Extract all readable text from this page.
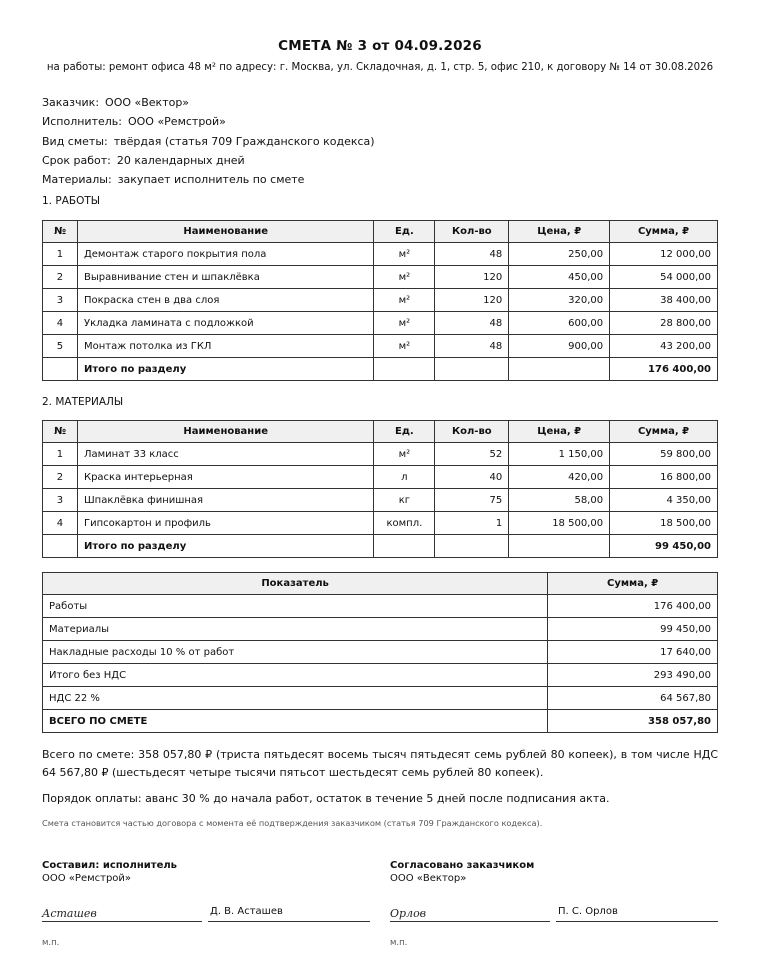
СМЕТА № 3 от 04.09.2026
на работы: ремонт офиса 48 м² по адресу: г. Москва, ул. Складочная, д. 1, стр. 5, офис 210, к договору № 14 от 30.08.2026
Заказчик: ООО «Вектор»
Исполнитель: ООО «Ремстрой»
Вид сметы: твёрдая (статья 709 Гражданского кодекса)
Срок работ: 20 календарных дней
Материалы: закупает исполнитель по смете
1. РАБОТЫ
№	Наименование	Ед.	Кол-во	Цена, ₽	Сумма, ₽
1	Демонтаж старого покрытия пола	м²	48	250,00	12 000,00
2	Выравнивание стен и шпаклёвка	м²	120	450,00	54 000,00
3	Покраска стен в два слоя	м²	120	320,00	38 400,00
4	Укладка ламината с подложкой	м²	48	600,00	28 800,00
5	Монтаж потолка из ГКЛ	м²	48	900,00	43 200,00
	Итого по разделу				176 400,00
2. МАТЕРИАЛЫ
№	Наименование	Ед.	Кол-во	Цена, ₽	Сумма, ₽
1	Ламинат 33 класс	м²	52	1 150,00	59 800,00
2	Краска интерьерная	л	40	420,00	16 800,00
3	Шпаклёвка финишная	кг	75	58,00	4 350,00
4	Гипсокартон и профиль	компл.	1	18 500,00	18 500,00
	Итого по разделу				99 450,00
Показатель	Сумма, ₽
Работы	176 400,00
Материалы	99 450,00
Накладные расходы 10 % от работ	17 640,00
Итого без НДС	293 490,00
НДС 22 %	64 567,80
ВСЕГО ПО СМЕТЕ	358 057,80
Всего по смете: 358 057,80 ₽ (триста пятьдесят восемь тысяч пятьдесят семь рублей 80 копеек), в том числе НДС 64 567,80 ₽ (шестьдесят четыре тысячи пятьсот шестьдесят семь рублей 80 копеек).
Порядок оплаты: аванс 30 % до начала работ, остаток в течение 5 дней после подписания акта.
Смета становится частью договора с момента её подтверждения заказчиком (статья 709 Гражданского кодекса).
Составил: исполнитель
ООО «Ремстрой»
Асташев	Д. В. Асташев
м.п.
Согласовано заказчиком
ООО «Вектор»
Орлов	П. С. Орлов
м.п.
